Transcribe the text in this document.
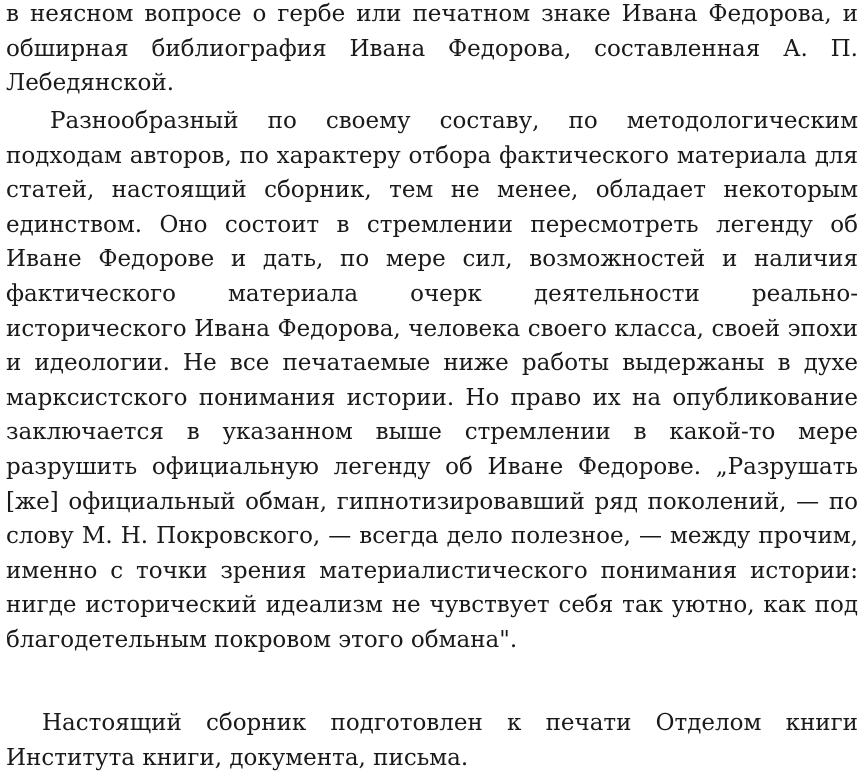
в неясном вопросе о гербе или печатном знаке Ивана Федорова, и обширная библиография Ивана Федорова, составленная А. П. Лебедянской.

Разнообразный по своему составу, по методологическим подходам авторов, по характеру отбора фактического материала для статей, настоящий сборник, тем не менее, обладает некоторым единством. Оно состоит в стремлении пересмотреть легенду об Иване Федорове и дать, по мере сил, возможностей и наличия фактического материала очерк деятельности реально-исторического Ивана Федорова, человека своего класса, своей эпохи и идеологии. Не все печатаемые ниже работы выдержаны в духе марксистского понимания истории. Но право их на опубликование заключается в указанном выше стремлении в какой-то мере разрушить официальную легенду об Иване Федорове. „Разрушать [же] официальный обман, гипнотизировавший ряд поколений, — по слову М. Н. Покровского, — всегда дело полезное, — между прочим, именно с точки зрения материалистического понимания истории: нигде исторический идеализм не чувствует себя так уютно, как под благодетельным покровом этого обмана".

Настоящий сборник подготовлен к печати Отделом книги Института книги, документа, письма.
